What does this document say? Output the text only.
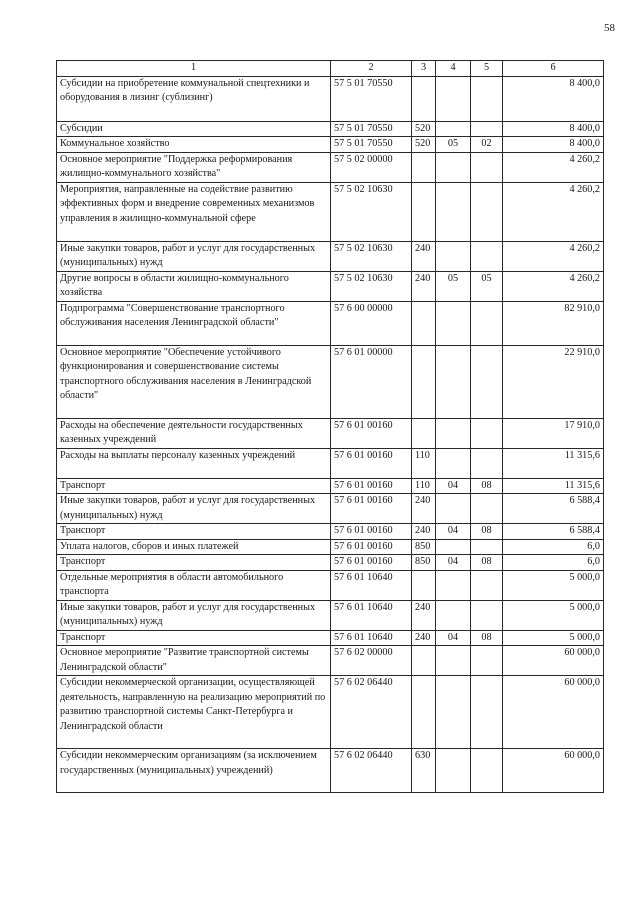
58
1	2	3	4	5	6
Субсидии на приобретение коммунальной спецтехники и оборудования в лизинг (сублизинг)	57 5 01 70550				8 400,0
Субсидии	57 5 01 70550	520			8 400,0
Коммунальное хозяйство	57 5 01 70550	520	05	02	8 400,0
Основное мероприятие "Поддержка реформирования жилищно-коммунального хозяйства"	57 5 02 00000				4 260,2
Мероприятия, направленные на содействие развитию эффективных форм и внедрение современных механизмов управления в жилищно-коммунальной сфере	57 5 02 10630				4 260,2
Иные закупки товаров, работ и услуг для государственных (муниципальных) нужд	57 5 02 10630	240			4 260,2
Другие вопросы в области жилищно-коммунального хозяйства	57 5 02 10630	240	05	05	4 260,2
Подпрограмма "Совершенствование транспортного обслуживания населения Ленинградской области"	57 6 00 00000				82 910,0
Основное мероприятие "Обеспечение устойчивого функционирования и совершенствование системы транспортного обслуживания населения в Ленинградской области"	57 6 01 00000				22 910,0
Расходы на обеспечение деятельности государственных казенных учреждений	57 6 01 00160				17 910,0
Расходы на выплаты персоналу казенных учреждений	57 6 01 00160	110			11 315,6
Транспорт	57 6 01 00160	110	04	08	11 315,6
Иные закупки товаров, работ и услуг для государственных (муниципальных) нужд	57 6 01 00160	240			6 588,4
Транспорт	57 6 01 00160	240	04	08	6 588,4
Уплата налогов, сборов и иных платежей	57 6 01 00160	850			6,0
Транспорт	57 6 01 00160	850	04	08	6,0
Отдельные мероприятия в области автомобильного транспорта	57 6 01 10640				5 000,0
Иные закупки товаров, работ и услуг для государственных (муниципальных) нужд	57 6 01 10640	240			5 000,0
Транспорт	57 6 01 10640	240	04	08	5 000,0
Основное мероприятие "Развитие транспортной системы Ленинградской области"	57 6 02 00000				60 000,0
Субсидии некоммерческой организации, осуществляющей деятельность, направленную на реализацию мероприятий по развитию транспортной системы Санкт-Петербурга и Ленинградской области	57 6 02 06440				60 000,0
Субсидии некоммерческим организациям (за исключением государственных (муниципальных) учреждений)	57 6 02 06440	630			60 000,0
